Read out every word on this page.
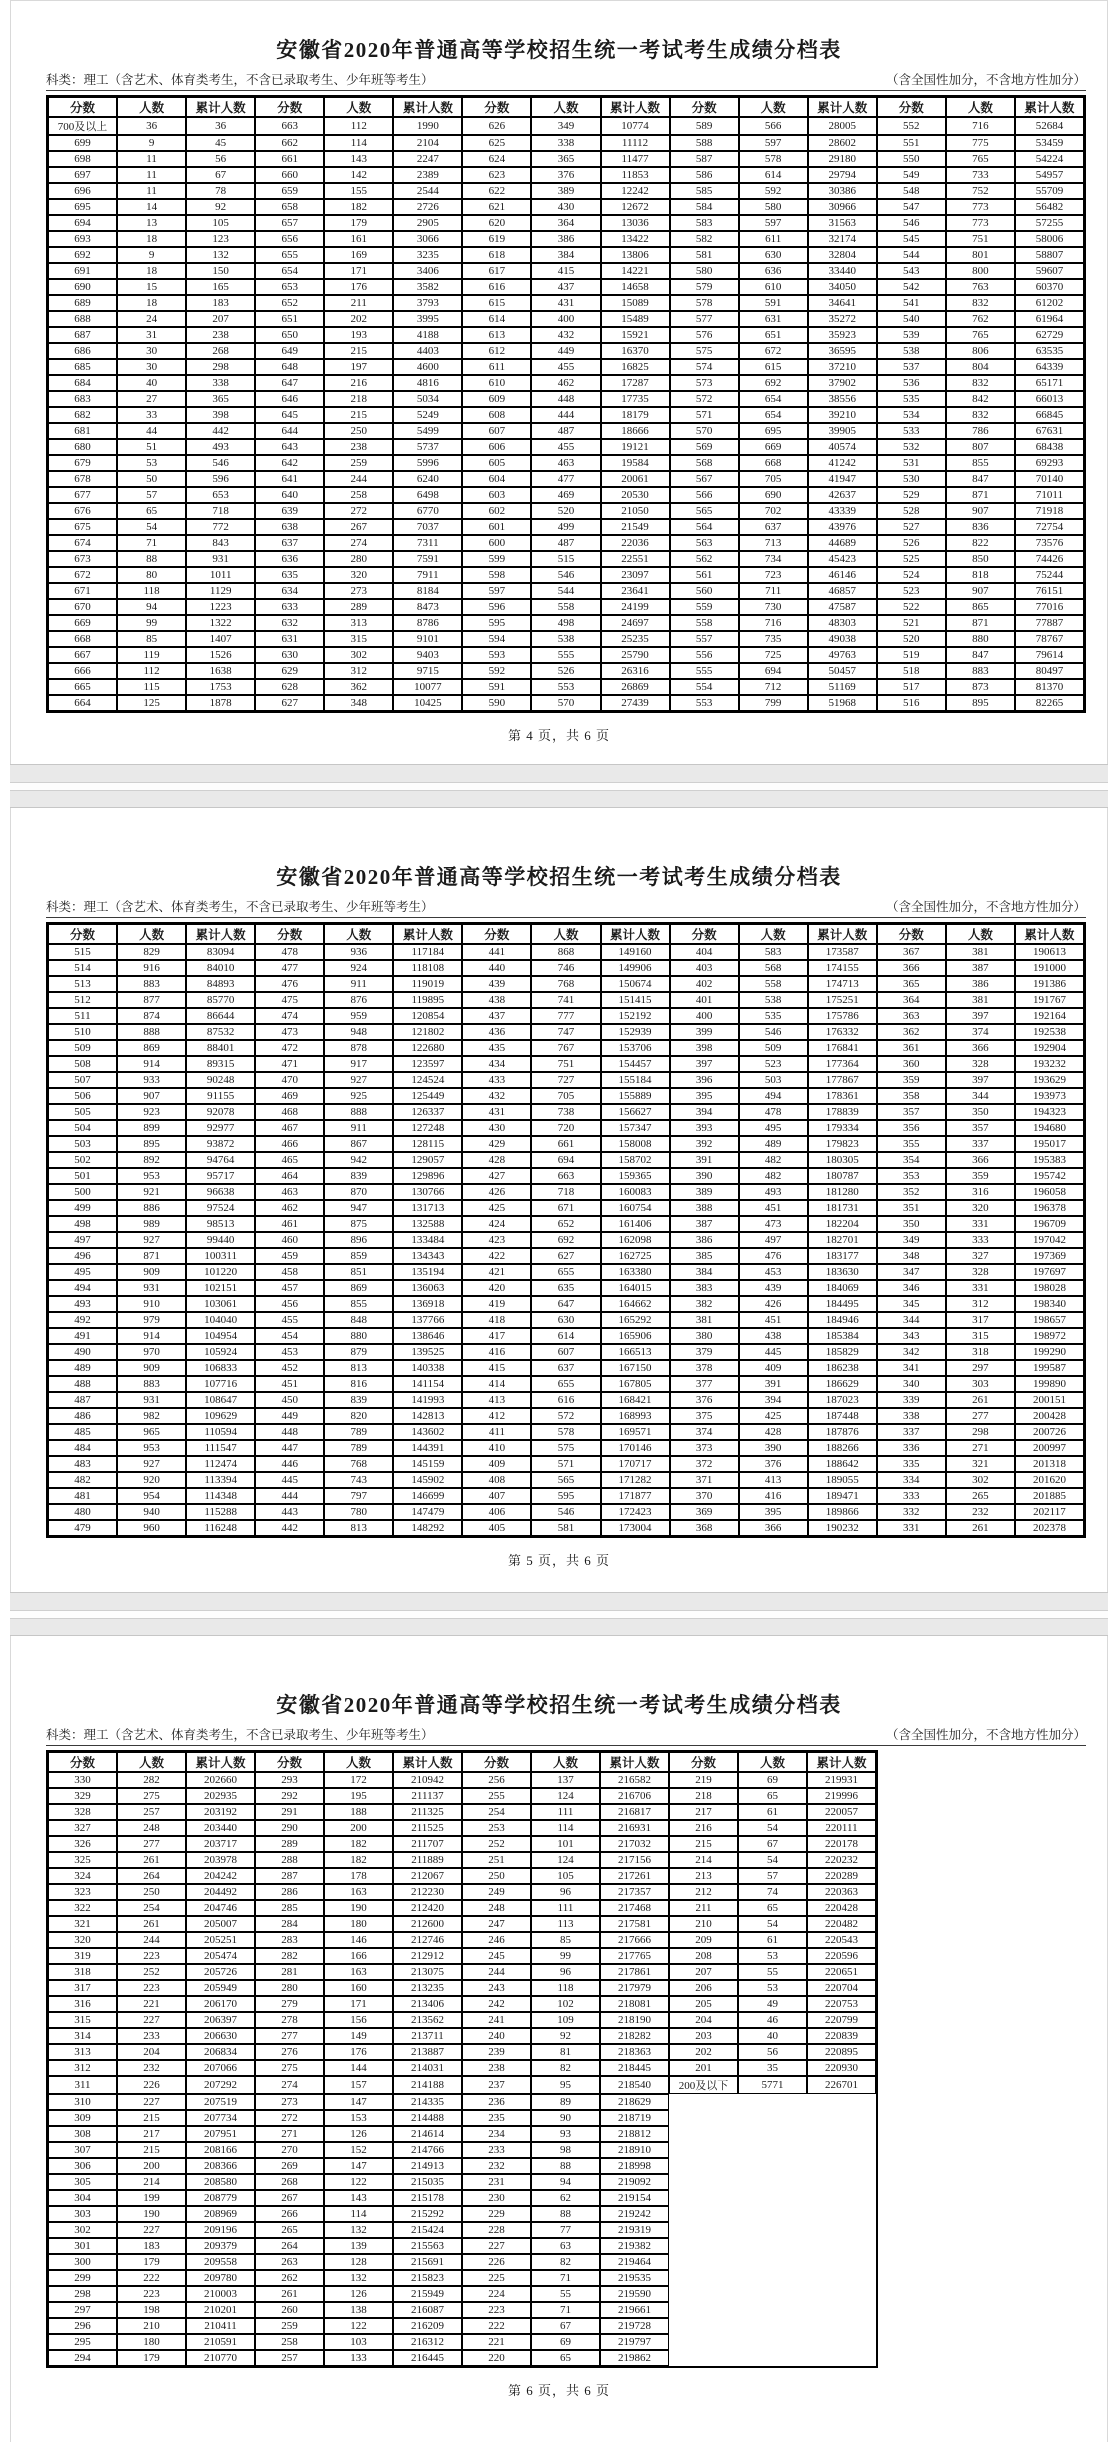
安徽省2020年普通高等学校招生统一考试考生成绩分档表
科类：理工（含艺术、体育类考生，不含已录取考生、少年班等考生）	（含全国性加分，不含地方性加分）
分数	人数	累计人数	分数	人数	累计人数	分数	人数	累计人数	分数	人数	累计人数	分数	人数	累计人数
700及以上	36	36	663	112	1990	626	349	10774	589	566	28005	552	716	52684
699	9	45	662	114	2104	625	338	11112	588	597	28602	551	775	53459
698	11	56	661	143	2247	624	365	11477	587	578	29180	550	765	54224
697	11	67	660	142	2389	623	376	11853	586	614	29794	549	733	54957
696	11	78	659	155	2544	622	389	12242	585	592	30386	548	752	55709
695	14	92	658	182	2726	621	430	12672	584	580	30966	547	773	56482
694	13	105	657	179	2905	620	364	13036	583	597	31563	546	773	57255
693	18	123	656	161	3066	619	386	13422	582	611	32174	545	751	58006
692	9	132	655	169	3235	618	384	13806	581	630	32804	544	801	58807
691	18	150	654	171	3406	617	415	14221	580	636	33440	543	800	59607
690	15	165	653	176	3582	616	437	14658	579	610	34050	542	763	60370
689	18	183	652	211	3793	615	431	15089	578	591	34641	541	832	61202
688	24	207	651	202	3995	614	400	15489	577	631	35272	540	762	61964
687	31	238	650	193	4188	613	432	15921	576	651	35923	539	765	62729
686	30	268	649	215	4403	612	449	16370	575	672	36595	538	806	63535
685	30	298	648	197	4600	611	455	16825	574	615	37210	537	804	64339
684	40	338	647	216	4816	610	462	17287	573	692	37902	536	832	65171
683	27	365	646	218	5034	609	448	17735	572	654	38556	535	842	66013
682	33	398	645	215	5249	608	444	18179	571	654	39210	534	832	66845
681	44	442	644	250	5499	607	487	18666	570	695	39905	533	786	67631
680	51	493	643	238	5737	606	455	19121	569	669	40574	532	807	68438
679	53	546	642	259	5996	605	463	19584	568	668	41242	531	855	69293
678	50	596	641	244	6240	604	477	20061	567	705	41947	530	847	70140
677	57	653	640	258	6498	603	469	20530	566	690	42637	529	871	71011
676	65	718	639	272	6770	602	520	21050	565	702	43339	528	907	71918
675	54	772	638	267	7037	601	499	21549	564	637	43976	527	836	72754
674	71	843	637	274	7311	600	487	22036	563	713	44689	526	822	73576
673	88	931	636	280	7591	599	515	22551	562	734	45423	525	850	74426
672	80	1011	635	320	7911	598	546	23097	561	723	46146	524	818	75244
671	118	1129	634	273	8184	597	544	23641	560	711	46857	523	907	76151
670	94	1223	633	289	8473	596	558	24199	559	730	47587	522	865	77016
669	99	1322	632	313	8786	595	498	24697	558	716	48303	521	871	77887
668	85	1407	631	315	9101	594	538	25235	557	735	49038	520	880	78767
667	119	1526	630	302	9403	593	555	25790	556	725	49763	519	847	79614
666	112	1638	629	312	9715	592	526	26316	555	694	50457	518	883	80497
665	115	1753	628	362	10077	591	553	26869	554	712	51169	517	873	81370
664	125	1878	627	348	10425	590	570	27439	553	799	51968	516	895	82265
第 4 页，共 6 页
安徽省2020年普通高等学校招生统一考试考生成绩分档表
科类：理工（含艺术、体育类考生，不含已录取考生、少年班等考生）	（含全国性加分，不含地方性加分）
分数	人数	累计人数	分数	人数	累计人数	分数	人数	累计人数	分数	人数	累计人数	分数	人数	累计人数
515	829	83094	478	936	117184	441	868	149160	404	583	173587	367	381	190613
514	916	84010	477	924	118108	440	746	149906	403	568	174155	366	387	191000
513	883	84893	476	911	119019	439	768	150674	402	558	174713	365	386	191386
512	877	85770	475	876	119895	438	741	151415	401	538	175251	364	381	191767
511	874	86644	474	959	120854	437	777	152192	400	535	175786	363	397	192164
510	888	87532	473	948	121802	436	747	152939	399	546	176332	362	374	192538
509	869	88401	472	878	122680	435	767	153706	398	509	176841	361	366	192904
508	914	89315	471	917	123597	434	751	154457	397	523	177364	360	328	193232
507	933	90248	470	927	124524	433	727	155184	396	503	177867	359	397	193629
506	907	91155	469	925	125449	432	705	155889	395	494	178361	358	344	193973
505	923	92078	468	888	126337	431	738	156627	394	478	178839	357	350	194323
504	899	92977	467	911	127248	430	720	157347	393	495	179334	356	357	194680
503	895	93872	466	867	128115	429	661	158008	392	489	179823	355	337	195017
502	892	94764	465	942	129057	428	694	158702	391	482	180305	354	366	195383
501	953	95717	464	839	129896	427	663	159365	390	482	180787	353	359	195742
500	921	96638	463	870	130766	426	718	160083	389	493	181280	352	316	196058
499	886	97524	462	947	131713	425	671	160754	388	451	181731	351	320	196378
498	989	98513	461	875	132588	424	652	161406	387	473	182204	350	331	196709
497	927	99440	460	896	133484	423	692	162098	386	497	182701	349	333	197042
496	871	100311	459	859	134343	422	627	162725	385	476	183177	348	327	197369
495	909	101220	458	851	135194	421	655	163380	384	453	183630	347	328	197697
494	931	102151	457	869	136063	420	635	164015	383	439	184069	346	331	198028
493	910	103061	456	855	136918	419	647	164662	382	426	184495	345	312	198340
492	979	104040	455	848	137766	418	630	165292	381	451	184946	344	317	198657
491	914	104954	454	880	138646	417	614	165906	380	438	185384	343	315	198972
490	970	105924	453	879	139525	416	607	166513	379	445	185829	342	318	199290
489	909	106833	452	813	140338	415	637	167150	378	409	186238	341	297	199587
488	883	107716	451	816	141154	414	655	167805	377	391	186629	340	303	199890
487	931	108647	450	839	141993	413	616	168421	376	394	187023	339	261	200151
486	982	109629	449	820	142813	412	572	168993	375	425	187448	338	277	200428
485	965	110594	448	789	143602	411	578	169571	374	428	187876	337	298	200726
484	953	111547	447	789	144391	410	575	170146	373	390	188266	336	271	200997
483	927	112474	446	768	145159	409	571	170717	372	376	188642	335	321	201318
482	920	113394	445	743	145902	408	565	171282	371	413	189055	334	302	201620
481	954	114348	444	797	146699	407	595	171877	370	416	189471	333	265	201885
480	940	115288	443	780	147479	406	546	172423	369	395	189866	332	232	202117
479	960	116248	442	813	148292	405	581	173004	368	366	190232	331	261	202378
第 5 页，共 6 页
安徽省2020年普通高等学校招生统一考试考生成绩分档表
科类：理工（含艺术、体育类考生，不含已录取考生、少年班等考生）	（含全国性加分，不含地方性加分）
分数	人数	累计人数	分数	人数	累计人数	分数	人数	累计人数	分数	人数	累计人数
330	282	202660	293	172	210942	256	137	216582	219	69	219931
329	275	202935	292	195	211137	255	124	216706	218	65	219996
328	257	203192	291	188	211325	254	111	216817	217	61	220057
327	248	203440	290	200	211525	253	114	216931	216	54	220111
326	277	203717	289	182	211707	252	101	217032	215	67	220178
325	261	203978	288	182	211889	251	124	217156	214	54	220232
324	264	204242	287	178	212067	250	105	217261	213	57	220289
323	250	204492	286	163	212230	249	96	217357	212	74	220363
322	254	204746	285	190	212420	248	111	217468	211	65	220428
321	261	205007	284	180	212600	247	113	217581	210	54	220482
320	244	205251	283	146	212746	246	85	217666	209	61	220543
319	223	205474	282	166	212912	245	99	217765	208	53	220596
318	252	205726	281	163	213075	244	96	217861	207	55	220651
317	223	205949	280	160	213235	243	118	217979	206	53	220704
316	221	206170	279	171	213406	242	102	218081	205	49	220753
315	227	206397	278	156	213562	241	109	218190	204	46	220799
314	233	206630	277	149	213711	240	92	218282	203	40	220839
313	204	206834	276	176	213887	239	81	218363	202	56	220895
312	232	207066	275	144	214031	238	82	218445	201	35	220930
311	226	207292	274	157	214188	237	95	218540	200及以下	5771	226701
310	227	207519	273	147	214335	236	89	218629			
309	215	207734	272	153	214488	235	90	218719			
308	217	207951	271	126	214614	234	93	218812			
307	215	208166	270	152	214766	233	98	218910			
306	200	208366	269	147	214913	232	88	218998			
305	214	208580	268	122	215035	231	94	219092			
304	199	208779	267	143	215178	230	62	219154			
303	190	208969	266	114	215292	229	88	219242			
302	227	209196	265	132	215424	228	77	219319			
301	183	209379	264	139	215563	227	63	219382			
300	179	209558	263	128	215691	226	82	219464			
299	222	209780	262	132	215823	225	71	219535			
298	223	210003	261	126	215949	224	55	219590			
297	198	210201	260	138	216087	223	71	219661			
296	210	210411	259	122	216209	222	67	219728			
295	180	210591	258	103	216312	221	69	219797			
294	179	210770	257	133	216445	220	65	219862			
第 6 页，共 6 页
